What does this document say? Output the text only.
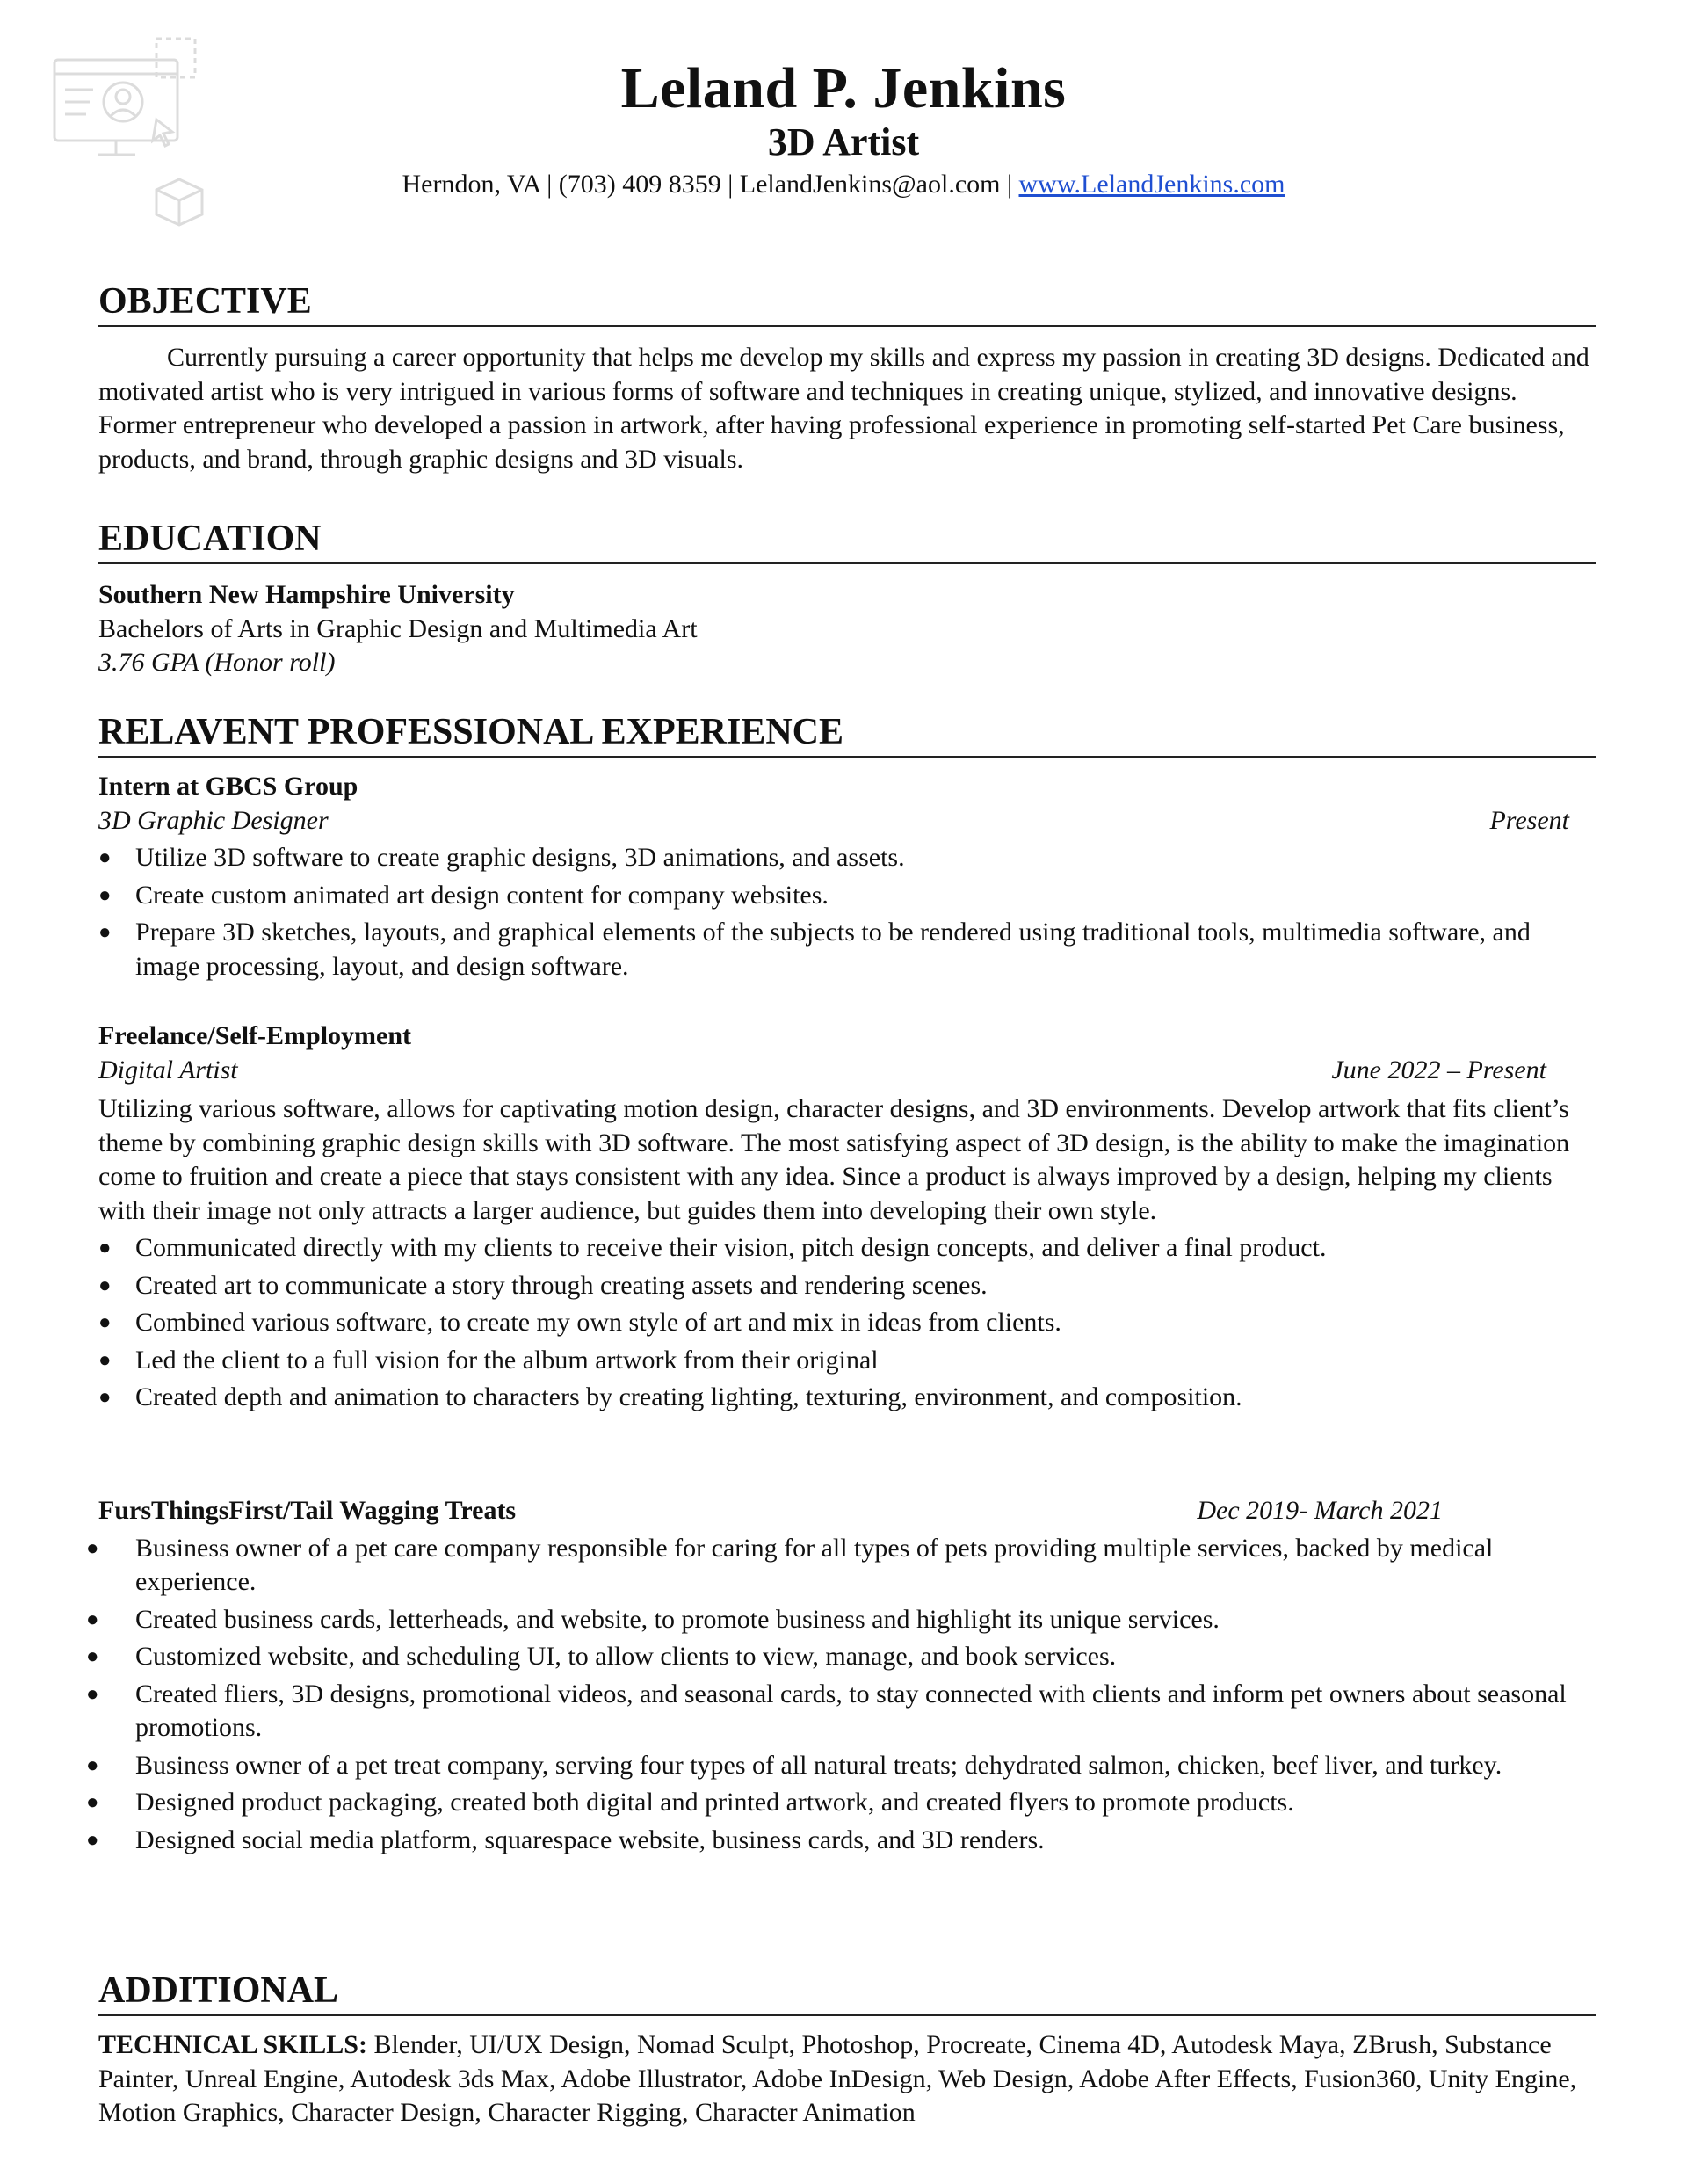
Leland P. Jenkins
3D Artist
Herndon, VA | (703) 409 8359 | LelandJenkins@aol.com | www.LelandJenkins.com
OBJECTIVE

Currently pursuing a career opportunity that helps me develop my skills and express my passion in creating 3D designs. Dedicated and motivated artist who is very intrigued in various forms of software and techniques in creating unique, stylized, and innovative designs. Former entrepreneur who developed a passion in artwork, after having professional experience in promoting self-started Pet Care business, products, and brand, through graphic designs and 3D visuals.

EDUCATION

Southern New Hampshire University

Bachelors of Arts in Graphic Design and Multimedia Art

3.76 GPA (Honor roll)

RELAVENT PROFESSIONAL EXPERIENCE

Intern at GBCS Group

3D Graphic Designer	Present
● Utilize 3D software to create graphic designs, 3D animations, and assets.
● Create custom animated art design content for company websites.
● Prepare 3D sketches, layouts, and graphical elements of the subjects to be rendered using traditional tools, multimedia software, and image processing, layout, and design software.

Freelance/Self-Employment

Digital Artist	June 2022 – Present

Utilizing various software, allows for captivating motion design, character designs, and 3D environments. Develop artwork that fits client’s theme by combining graphic design skills with 3D software. The most satisfying aspect of 3D design, is the ability to make the imagination come to fruition and create a piece that stays consistent with any idea. Since a product is always improved by a design, helping my clients with their image not only attracts a larger audience, but guides them into developing their own style.

● Communicated directly with my clients to receive their vision, pitch design concepts, and deliver a final product.
● Created art to communicate a story through creating assets and rendering scenes.
● Combined various software, to create my own style of art and mix in ideas from clients.
● Led the client to a full vision for the album artwork from their original
● Created depth and animation to characters by creating lighting, texturing, environment, and composition.
FursThingsFirst/Tail Wagging Treats	Dec 2019- March 2021
● Business owner of a pet care company responsible for caring for all types of pets providing multiple services, backed by medical experience.
● Created business cards, letterheads, and website, to promote business and highlight its unique services.
● Customized website, and scheduling UI, to allow clients to view, manage, and book services.
● Created fliers, 3D designs, promotional videos, and seasonal cards, to stay connected with clients and inform pet owners about seasonal promotions.
● Business owner of a pet treat company, serving four types of all natural treats; dehydrated salmon, chicken, beef liver, and turkey.
● Designed product packaging, created both digital and printed artwork, and created flyers to promote products.
● Designed social media platform, squarespace website, business cards, and 3D renders.
ADDITIONAL

TECHNICAL SKILLS: Blender, UI/UX Design, Nomad Sculpt, Photoshop, Procreate, Cinema 4D, Autodesk Maya, ZBrush, Substance Painter, Unreal Engine, Autodesk 3ds Max, Adobe Illustrator, Adobe InDesign, Web Design, Adobe After Effects, Fusion360, Unity Engine, Motion Graphics, Character Design, Character Rigging, Character Animation
